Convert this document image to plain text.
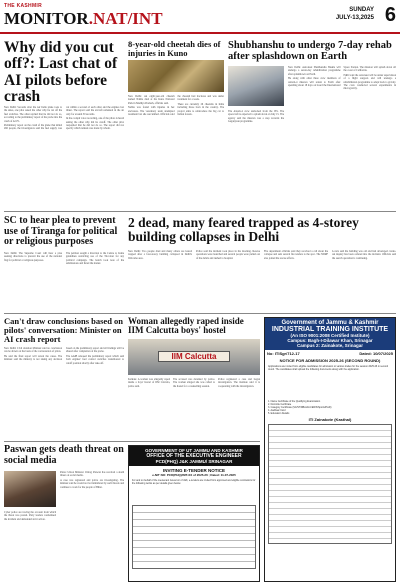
THE KASHMIR
MONITOR.NAT/INT	SUNDAY
JULY-13,2025 6
Why did you cut off?: Last chat of AI pilots before crash

New Delhi: Seconds after the Air India plane took to the skies, one pilot asked the other why he cut off the fuel switches. The other replied that he did not do so, according to the preliminary report of the probe into the crash of AI171.

Preliminary report on the crash of the plane that killed 260 people, the investigators said the fuel supply was cut within a second of each other and the engines lost thrust. The report said the aircraft remained in the air only for around 30 seconds.

In the cockpit voice recording, one of the pilots is heard asking the other why did he cutoff. The other pilot responded that he did not do so. The report did not specify which remark was made by whom.

8-year-old cheetah dies of injuries in Kuno

New Delhi: An eight-year-old cheetah named Nabha died at the Kuno National Park in Madhya Pradesh, officials said.

Nabha was found with injuries in her enclosure. The veterinary team attempted treatment but she succumbed. Officials said the cheetah had fractures and was under treatment for a week.

There are currently 26 cheetahs in India including those born in the country. The project aims to reintroduce the big cat to Indian forests.

Shubhanshu to undergo 7-day rehab after splashdown on Earth

New Delhi: Astronaut Shubhanshu Shukla will undergo a seven-day rehabilitation programme after splashdown on Earth.

He along with other three crew members of Axiom-4 mission will return to Earth after spending about 18 days on board the International Space Station. The mission will splash down off the coast of California.

ISRO said the astronaut will be under supervision of a flight surgeon and will undergo a rehabilitation programme to adapt back to gravity. The crew conducted several experiments in microgravity.

The Axiom-4 crew undocked from the ISS. The spacecraft is expected to splash down on July 15. The agency said the mission was a step towards the Gaganyaan programme.

SC to hear plea to prevent use of Tiranga for political or religious purposes

New Delhi: The Supreme Court will hear a plea seeking directions to prevent the use of the national flag for political or religious purposes.

The petition sought a direction to the Centre to frame guidelines restricting use of the Tricolour for any political campaign. The bench took note of the submissions and listed the matter.

2 dead, many feared trapped as 4-storey building collapses in Delhi

New Delhi: Two people died and many others are feared trapped after a four-storey building collapsed in Delhi's Welcome area.

Police said the incident took place in the morning. Rescue operations were launched and several people were pulled out of the debris and rushed to hospital.

Fire department officials said they received a call about the collapse and sent several fire tenders to the spot. The NDRF also joined the rescue efforts.

Locals said the building was old and had developed cracks. An inquiry has been ordered into the incident. Officials said the search operation is continuing.

Can't draw conclusions based on pilots' conversation: Minister on AI crash report

New Delhi: Civil Aviation Minister said no conclusion can be drawn on the basis of the conversation of pilots.

He said the final report will reveal the cause. The minister said the ministry is not taking any decision based on the preliminary report and all findings will be shared after completion of the probe.

The AAIB released the preliminary report which said both engines' fuel control switches transitioned to cutoff position shortly after take-off.

Woman allegedly raped inside IIM Calcutta boys' hostel
IIM Calcutta

Kolkata: A woman was allegedly raped inside a boys' hostel of IIM Calcutta, police said.

The accused was detained by police. The woman alleged she was called to the hostel for a counselling session.

Police registered a case and began investigation. The institute said it is cooperating with the investigation.

Government of Jammu & Kashmir
INDUSTRIAL TRAINING INSTITUTE
(An ISO 9001:2008 Certified Institute)
Campus: Bagh-I-Dilawar Khan, Srinagar
Campus 2: Zainakote, Srinagar
No: ITISgr/712-17	Dated: 10/07/2025
NOTICE FOR ADMISSION 2025-26 (SECOND ROUND)
Applications are invited from eligible candidates for admission to various trades for the session 2025-26 in second round. The candidates shall upload the following documents along with the application.
1. Name Certificate of the Qualifying Examination
2. Domicile Certificate
3. Category Certificate (SC/ST/RBA/ALC/EWS/Sports/PwD)
4. Aadhaar Card
5. Education Details
ITI Zainakote (Kasthal)
Paswan gets death threat on social media

Patna: Union Minister Chirag Paswan has received a death threat on social media.

A case was registered and police are investigating. The minister said he would not be intimidated by such threats and continue to work for the people of Bihar.

Cyber police are tracing the account from which the threat was posted. Party leaders condemned the incident and demanded strict action.

GOVERNMENT OF UT JAMMU AND KASHMIR
OFFICE OF THE EXECUTIVE ENGINEER
PCD(PHQ) J&K JAMMU/ SRINAGAR
INVITING E-TENDER NOTICE
e-NIT NO: PCD(PHQ)/NIT-XX of 2025-26 ; Dated: 11-07-2025
For and on behalf of the Lieutenant Governor of J&K, e-tenders are invited from approved and eligible contractors for the following works as per details given below.
